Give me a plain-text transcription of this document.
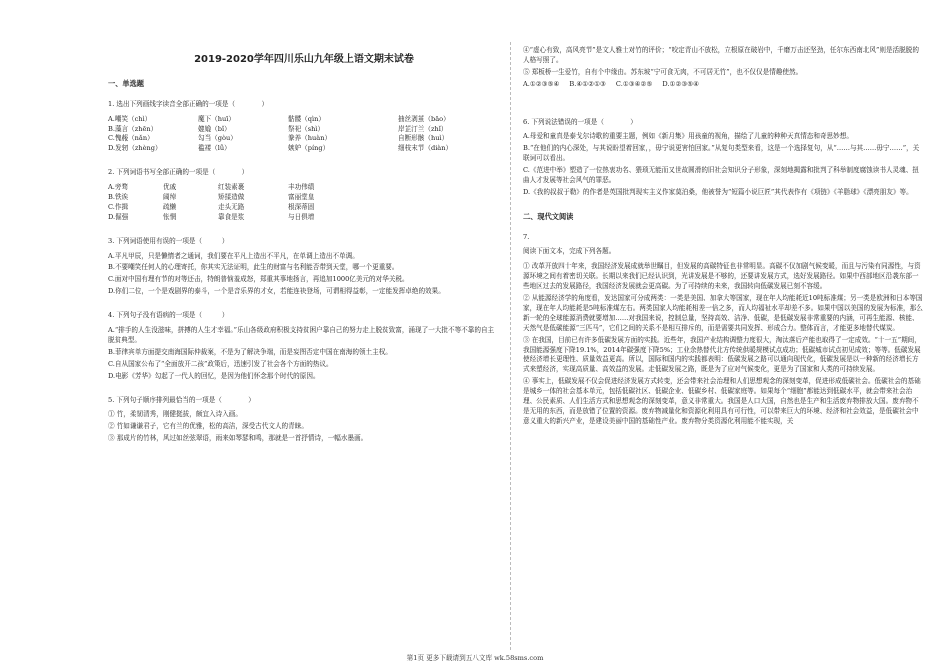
2019-2020学年四川乐山九年级上语文期末试卷
一、单选题
1. 选出下列画线字读音全部正确的一项是（　　　　）
A.嘲笑（chì）	魔下（huī）	骷髅（qìn）	抽丝剥茧（bāo）
B.藻言（zhēn）	媲嫓（bǐ）	祭祀（shì）	岸芷汀兰（zhǐ）
C.愧赧（nǎn）	勾当（gòu）	豢养（huàn）	自断形骸（huì）
D.发轫（zhèng）	褴褛（lǚ）	嫉妒（píng）	细枝末节（diàn）
2. 下列词语书写全部正确的一项是（　　　　）
A.旁骛	优戚	红装素裹	丰功伟绩
B.铁诶	阔绰	矫揉造做	富丽堂皇
C.作揖	疏懒	走头无路	根深蒂固
D.倔强	怅惘	靠食是浆	与日俱增
3. 下列词语使用有误的一项是（　　　）
A.平凡甲辰，只是懒惰者之通词，我们要在平凡上造出不平凡，在单调上造出不单调。
B.不要嘲笑任何人的心理寄托，你其实无法证明，此生的财富与名利能否带到天堂，哪一个更重要。
C.面对中国有理有节的对等还击，特朗普恼羞成怒，郑重其事地扬言，再追加1000亿美元的对华关税。
D.你们二位，一个是戏剧界的泰斗，一个是音乐界的才女，若能连袂登场，可谓相得益彰，一定能发挥卓绝的效果。
4. 下列句子没有语病的一项是（　　　）
A.“排手的人生没滋味，拼搏的人生才幸福。”乐山各级政府积极支持贫困户靠自己的努力走上脱贫致富，涌现了一大批不等不靠的自主脱贫典型。
B.菲律宾单方面提交南海国际仲裁案，不是为了解决争端，而是妄图否定中国在南海的领土主权。
C.自从国家公布了“全面放开二孩”政策后，迅速引发了社会各个方面的热议。
D.电影《芳华》勾起了一代人的回忆，是因为他们怀念那个时代的原因。
5. 下列句子顺序排列最恰当的一项是（　　　　）
① 竹，柔韧清秀，刚健挺拔，颇宜入诗入画。
② 竹如谦谦君子，它有兰的优雅，松的高洁，深受古代文人的青睐。
③ 那成片的竹林，风过如丝弦翠语，雨来如琴瑟和鸣，那就是一首抒情诗，一幅水墨画。
④“虚心有致，高风亮节”是文人雅士对竹的评价；“咬定青山不放松，立根原在破岩中，千磨万击还坚劲，任尔东西南北风”则是活脱脱的人格写照了。
⑤ 郑板桥一生爱竹，自有个中缘由。苏东坡“宁可食无肉，不可居无竹”，也不仅仅是情趣使然。
A.①②③⑤④ B.④①②①③ C.①③④②⑤ D.①②③⑤④
6. 下列说法错误的一项是（　　　　）
A.母爱和童真是泰戈尔诗歌的重要主题，例如《新月集》用孩童的视角，描绘了儿童的种种天真情态和奇思妙想。
B.“在他们的内心深处，与其说盼望着回家，，毋宁说更害怕回家。”从复句类型来看，这是一个选择复句，从“……与其……毋宁……”，关联词可以看出。
C.《范进中举》塑造了一位热衷功名、猥琐无能而又世故圆滑的旧社会知识分子形象，深刻地揭露和批判了科举制度腐蚀读书人灵魂、扭曲人才发展等社会风气的罪恶。
D.《我的叔叔于勒》的作者是英国批判现实主义作家莫泊桑，他被誉为“短篇小说巨匠”其代表作有《项链》《羊脂球》《漂亮朋友》等。
二、现代文阅读
7.
阅读下面文本，完成下列各题。
① 改革开放四十年来，我国经济发展成就举世瞩目，但发展的高碳特征也非常明显。高碳不仅加剧气候变暖，而且与污染有同源性，与资源环境之间有着密切关联。长期以来我们已经认识到，光讲发展是不够的，还要讲发展方式，选好发展路径。如果中西部地区沿袭东部一些地区过去的发展路径，我国经济发展就会更高碳。为了可持续的未来，我国转向低碳发展已刻不容缓。
② 从能源经济学的角度看，发达国家可分成两类：一类是美国、加拿大等国家，现在年人均能耗近10吨标准煤；另一类是欧洲和日本等国家，现在年人均能耗是5吨标准煤左右。两类国家人均能耗相差一倍之多，而人均福祉水平却差不多。如果中国以美国的发展为标准，那么新一轮的全球能源消费就要增加……对我国来说，控制总量，坚持高效、洁净、低碳，是低碳发展非常重要的内涵，可再生能源、核能、天然气是低碳能源“三匹马”，它们之间的关系不是相互排斥的，而是需要共同发挥、形成合力。整体而言，才能更多地替代煤炭。
③ 在我国，目前已有许多低碳发展方面的实践。近些年，我国产业结构调整力度很大，淘汰落后产能也取得了一定成效。“十一五”期间，我国能源强度下降19.1%，2014年碳强度下降5%；工业余热替代北方传统供暖规模试点成功；低碳城市试点初见成效；等等。低碳发展使经济增长更理性、质量效益更高。所以，国际和国内的实践都表明：低碳发展之路可以通向现代化，低碳发展是以一种新的经济增长方式来塑经济，实现高质量、高效益的发展。走低碳发展之路，既是为了应对气候变化，更是为了国家和人类的可持续发展。
④ 事实上，低碳发展不仅会促进经济发展方式转变，还会带来社会治理和人们思想观念的深刻变革，促进形成低碳社会。低碳社会的基础是城乡一体的社会基本单元，包括低碳社区、低碳企业、低碳乡村、低碳家庭等。如果每个“细胞”都能达到低碳水平，就会带来社会治理、公民素质、人们生活方式和思想观念的深刻变革，意义非常重大。我国是人口大国，自然也是生产和生活废弃物排放大国。废弃物不是无用的东西，而是放错了位置的资源。废弃物减量化和资源化利用具有可行性，可以带来巨大的环境、经济和社会效益，是低碳社会中意义重大的新兴产业，是建设美丽中国的基础性产业。废弃物分类资源化利用能不能实现，关
第1页 更多下载请到五八文库 wk.58sms.com
